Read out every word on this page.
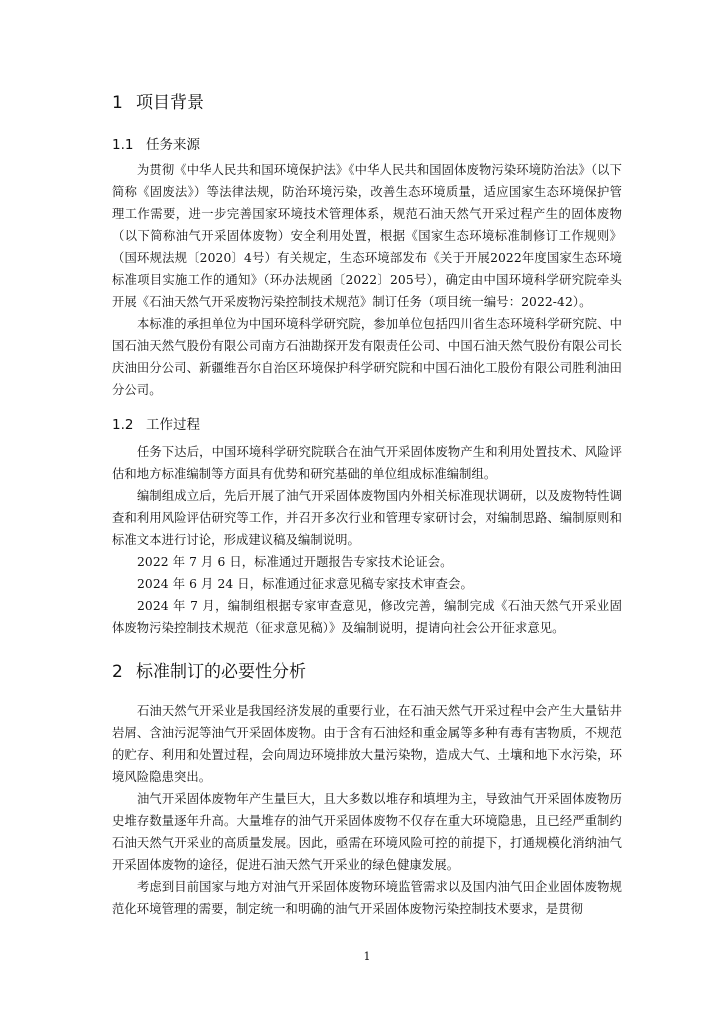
1 项目背景
1.1 任务来源

为贯彻《中华人民共和国环境保护法》《中华人民共和国固体废物污染环境防治法》（以下简称《固废法》）等法律法规，防治环境污染，改善生态环境质量，适应国家生态环境保护管理工作需要，进一步完善国家环境技术管理体系，规范石油天然气开采过程产生的固体废物（以下简称油气开采固体废物）安全利用处置，根据《国家生态环境标准制修订工作规则》（国环规法规〔2020〕4号）有关规定，生态环境部发布《关于开展2022年度国家生态环境标准项目实施工作的通知》（环办法规函〔2022〕205号），确定由中国环境科学研究院牵头开展《石油天然气开采废物污染控制技术规范》制订任务（项目统一编号：2022-42）。

本标准的承担单位为中国环境科学研究院，参加单位包括四川省生态环境科学研究院、中国石油天然气股份有限公司南方石油勘探开发有限责任公司、中国石油天然气股份有限公司长庆油田分公司、新疆维吾尔自治区环境保护科学研究院和中国石油化工股份有限公司胜利油田分公司。

1.2 工作过程

任务下达后，中国环境科学研究院联合在油气开采固体废物产生和利用处置技术、风险评估和地方标准编制等方面具有优势和研究基础的单位组成标准编制组。

编制组成立后，先后开展了油气开采固体废物国内外相关标准现状调研，以及废物特性调查和利用风险评估研究等工作，并召开多次行业和管理专家研讨会，对编制思路、编制原则和标准文本进行讨论，形成建议稿及编制说明。

2022 年 7 月 6 日，标准通过开题报告专家技术论证会。

2024 年 6 月 24 日，标准通过征求意见稿专家技术审查会。

2024 年 7 月，编制组根据专家审查意见，修改完善，编制完成《石油天然气开采业固体废物污染控制技术规范（征求意见稿）》及编制说明，提请向社会公开征求意见。

2 标准制订的必要性分析

石油天然气开采业是我国经济发展的重要行业，在石油天然气开采过程中会产生大量钻井岩屑、含油污泥等油气开采固体废物。由于含有石油烃和重金属等多种有毒有害物质，不规范的贮存、利用和处置过程，会向周边环境排放大量污染物，造成大气、土壤和地下水污染，环境风险隐患突出。

油气开采固体废物年产生量巨大，且大多数以堆存和填埋为主，导致油气开采固体废物历史堆存数量逐年升高。大量堆存的油气开采固体废物不仅存在重大环境隐患，且已经严重制约石油天然气开采业的高质量发展。因此，亟需在环境风险可控的前提下，打通规模化消纳油气开采固体废物的途径，促进石油天然气开采业的绿色健康发展。

考虑到目前国家与地方对油气开采固体废物环境监管需求以及国内油气田企业固体废物规范化环境管理的需要，制定统一和明确的油气开采固体废物污染控制技术要求，是贯彻

1
